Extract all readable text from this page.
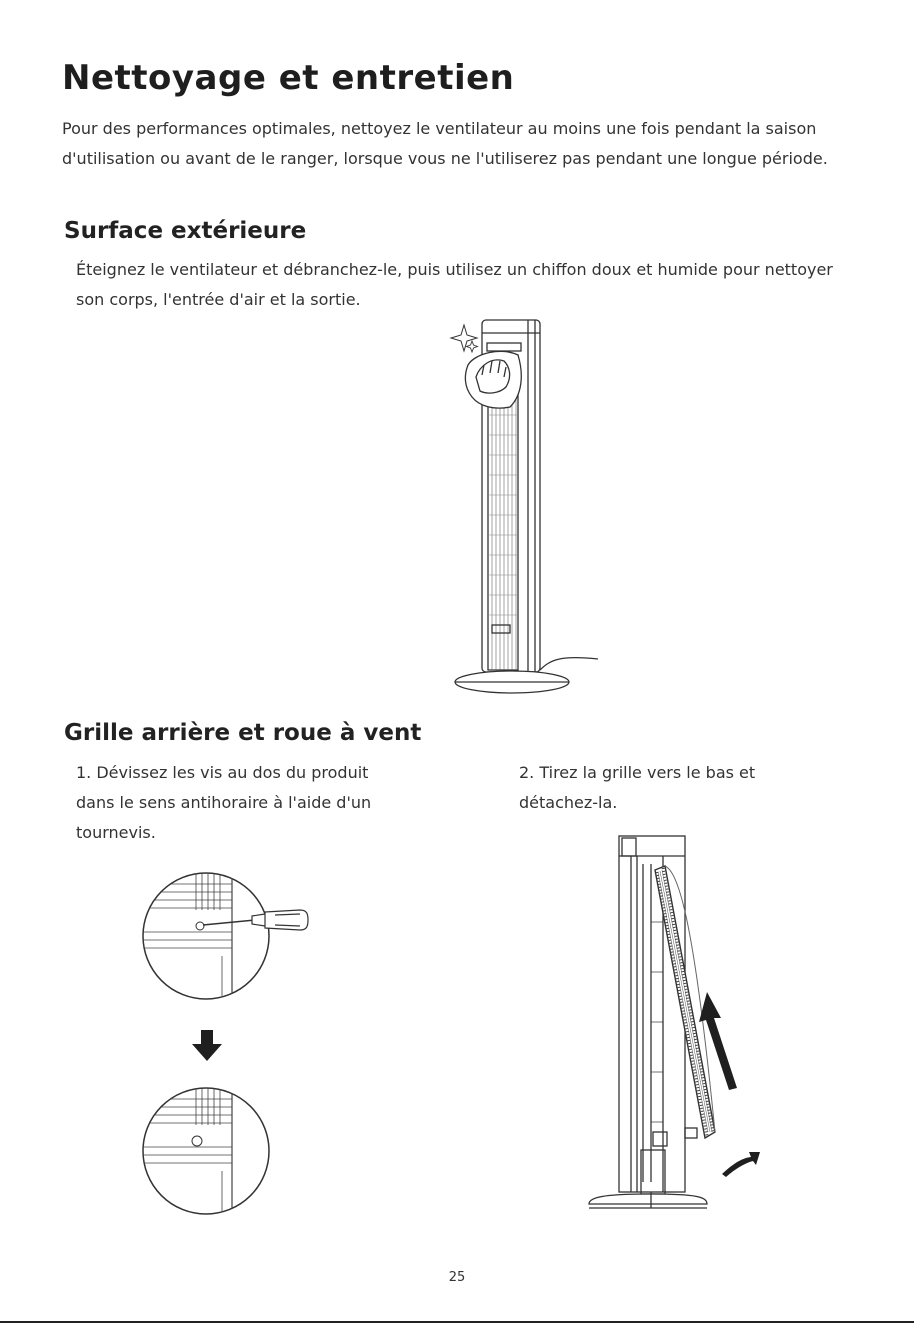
Nettoyage et entretien

Pour des performances optimales, nettoyez le ventilateur au moins une fois pendant la saison d'utilisation ou avant de le ranger, lorsque vous ne l'utiliserez pas pendant une longue période.

Surface extérieure

Éteignez le ventilateur et débranchez-le, puis utilisez un chiffon doux et humide pour nettoyer son corps, l'entrée d'air et la sortie.

Grille arrière et roue à vent

1. Dévissez les vis au dos du produit dans le sens antihoraire à l'aide d'un tournevis.

2. Tirez la grille vers le bas et détachez-la.

25
